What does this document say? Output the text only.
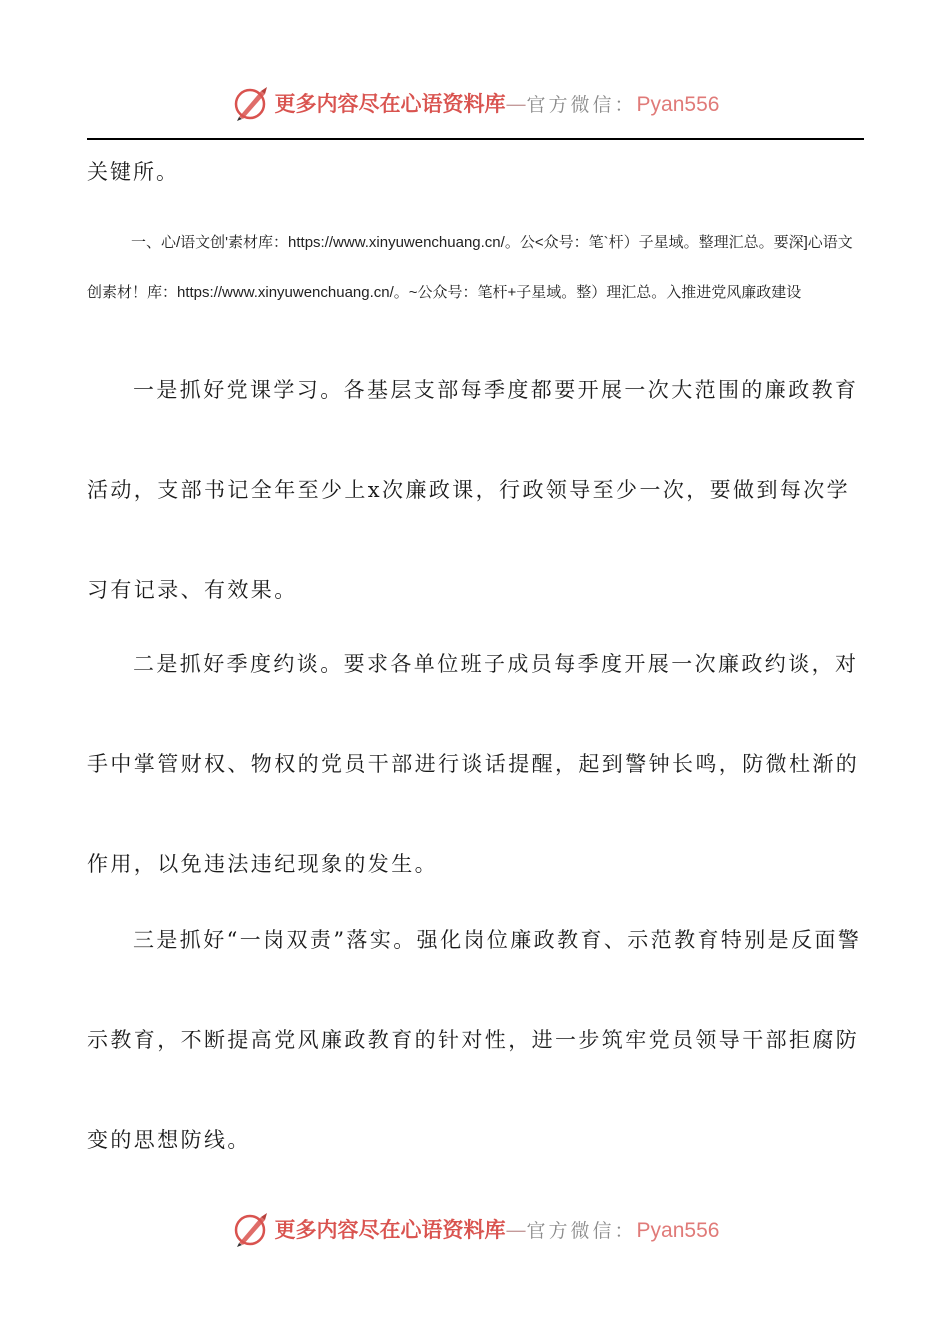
更多内容尽在心语资料库—官方微信：Pyan556

关键所。

一、心/语文创'素材库：https://www.xinyuwenchuang.cn/。公<众号：笔`杆）子星域。整理汇总。要深]心语文创素材！库：https://www.xinyuwenchuang.cn/。~公众号：笔杆+子星域。整）理汇总。入推进党风廉政建设

一是抓好党课学习。各基层支部每季度都要开展一次大范围的廉政教育活动，支部书记全年至少上x次廉政课，行政领导至少一次，要做到每次学习有记录、有效果。

二是抓好季度约谈。要求各单位班子成员每季度开展一次廉政约谈，对手中掌管财权、物权的党员干部进行谈话提醒，起到警钟长鸣，防微杜渐的作用，以免违法违纪现象的发生。

三是抓好“一岗双责”落实。强化岗位廉政教育、示范教育特别是反面警示教育，不断提高党风廉政教育的针对性，进一步筑牢党员领导干部拒腐防变的思想防线。

更多内容尽在心语资料库—官方微信：Pyan556
